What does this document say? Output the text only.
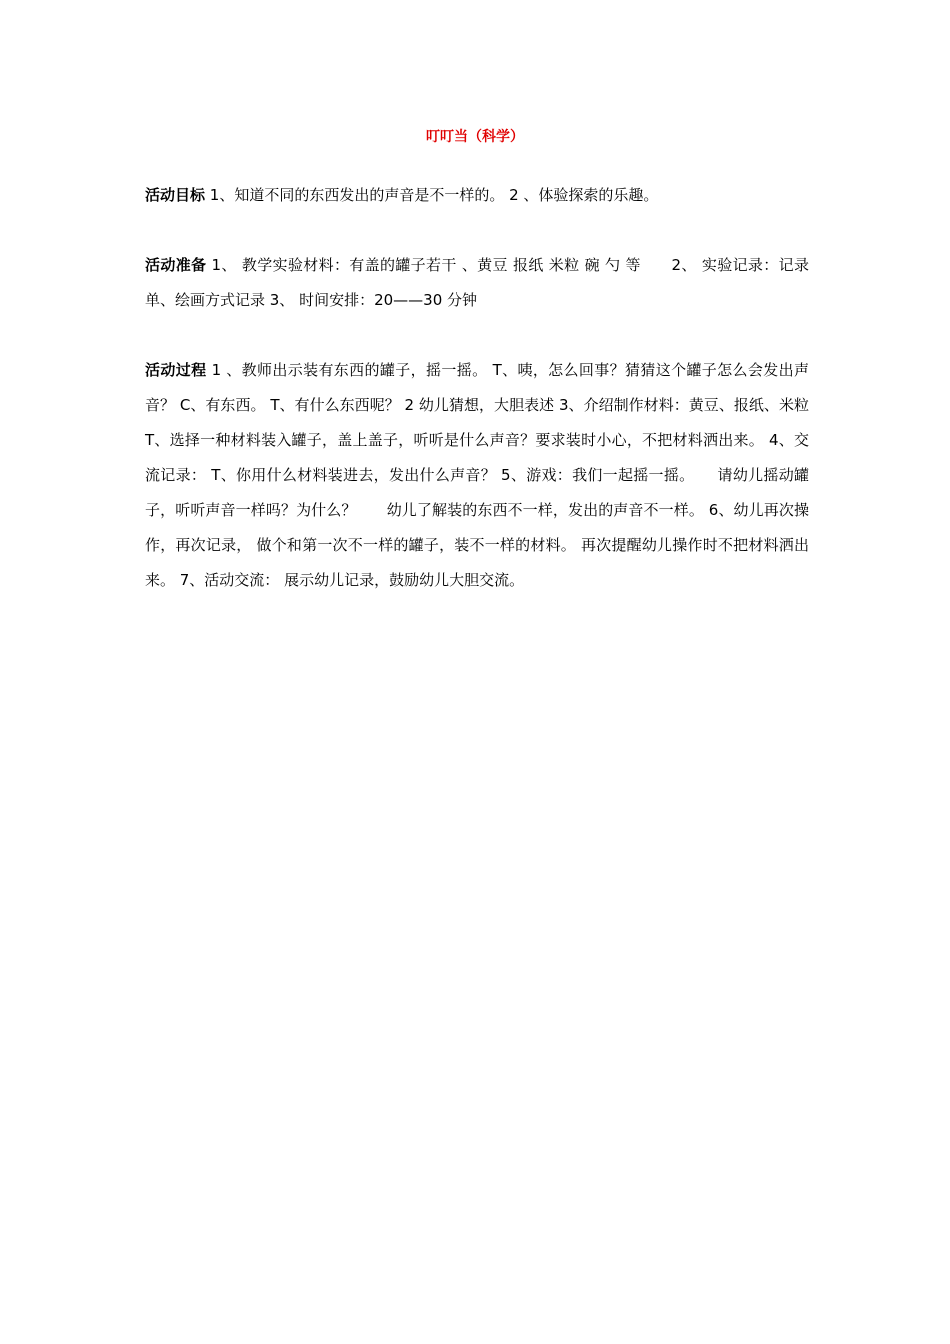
叮叮当（科学）

活动目标 1、知道不同的东西发出的声音是不一样的。 2 、体验探索的乐趣。

活动准备 1、 教学实验材料：有盖的罐子若干 、黄豆 报纸 米粒 碗 勺 等　　2、 实验记录：记录单、绘画方式记录 3、 时间安排：20——30 分钟

活动过程 1 、教师出示装有东西的罐子，摇一摇。 T、咦，怎么回事？猜猜这个罐子怎么会发出声音？ C、有东西。 T、有什么东西呢？ 2 幼儿猜想，大胆表述 3、介绍制作材料：黄豆、报纸、米粒 T、选择一种材料装入罐子，盖上盖子，听听是什么声音？要求装时小心，不把材料洒出来。 4、交流记录： T、你用什么材料装进去，发出什么声音？ 5、游戏：我们一起摇一摇。　　请幼儿摇动罐子，听听声音一样吗？为什么？　　幼儿了解装的东西不一样，发出的声音不一样。 6、幼儿再次操作，再次记录， 做个和第一次不一样的罐子，装不一样的材料。 再次提醒幼儿操作时不把材料洒出来。 7、活动交流： 展示幼儿记录，鼓励幼儿大胆交流。
